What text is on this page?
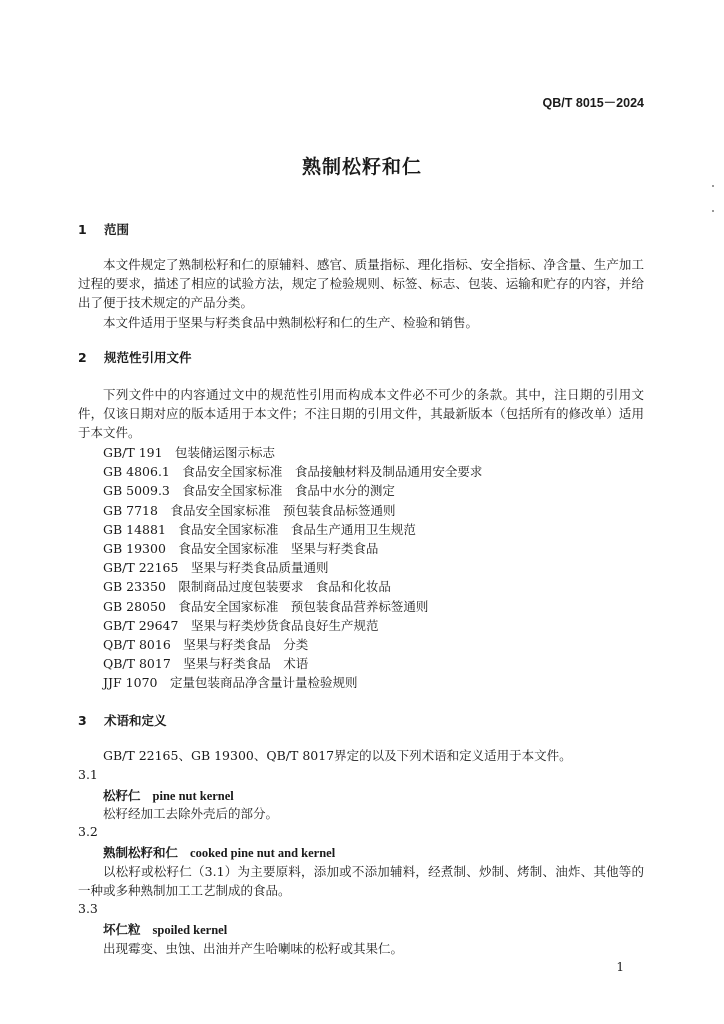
QB/T 8015－2024
熟制松籽和仁
1 范围
本文件规定了熟制松籽和仁的原辅料、感官、质量指标、理化指标、安全指标、净含量、生产加工过程的要求，描述了相应的试验方法，规定了检验规则、标签、标志、包装、运输和贮存的内容，并给出了便于技术规定的产品分类。
本文件适用于坚果与籽类食品中熟制松籽和仁的生产、检验和销售。
2 规范性引用文件
下列文件中的内容通过文中的规范性引用而构成本文件必不可少的条款。其中，注日期的引用文件，仅该日期对应的版本适用于本文件；不注日期的引用文件，其最新版本（包括所有的修改单）适用于本文件。
GB/T 191　包装储运图示标志
GB 4806.1　食品安全国家标准　食品接触材料及制品通用安全要求
GB 5009.3　食品安全国家标准　食品中水分的测定
GB 7718　食品安全国家标准　预包装食品标签通则
GB 14881　食品安全国家标准　食品生产通用卫生规范
GB 19300　食品安全国家标准　坚果与籽类食品
GB/T 22165　坚果与籽类食品质量通则
GB 23350　限制商品过度包装要求　食品和化妆品
GB 28050　食品安全国家标准　预包装食品营养标签通则
GB/T 29647　坚果与籽类炒货食品良好生产规范
QB/T 8016　坚果与籽类食品　分类
QB/T 8017　坚果与籽类食品　术语
JJF 1070　定量包装商品净含量计量检验规则
3 术语和定义
GB/T 22165、GB 19300、QB/T 8017界定的以及下列术语和定义适用于本文件。
3.1
松籽仁 pine nut kernel
松籽经加工去除外壳后的部分。
3.2
熟制松籽和仁 cooked pine nut and kernel
以松籽或松籽仁（3.1）为主要原料，添加或不添加辅料，经煮制、炒制、烤制、油炸、其他等的一种或多种熟制加工工艺制成的食品。
3.3
坏仁粒 spoiled kernel
出现霉变、虫蚀、出油并产生哈喇味的松籽或其果仁。
1
